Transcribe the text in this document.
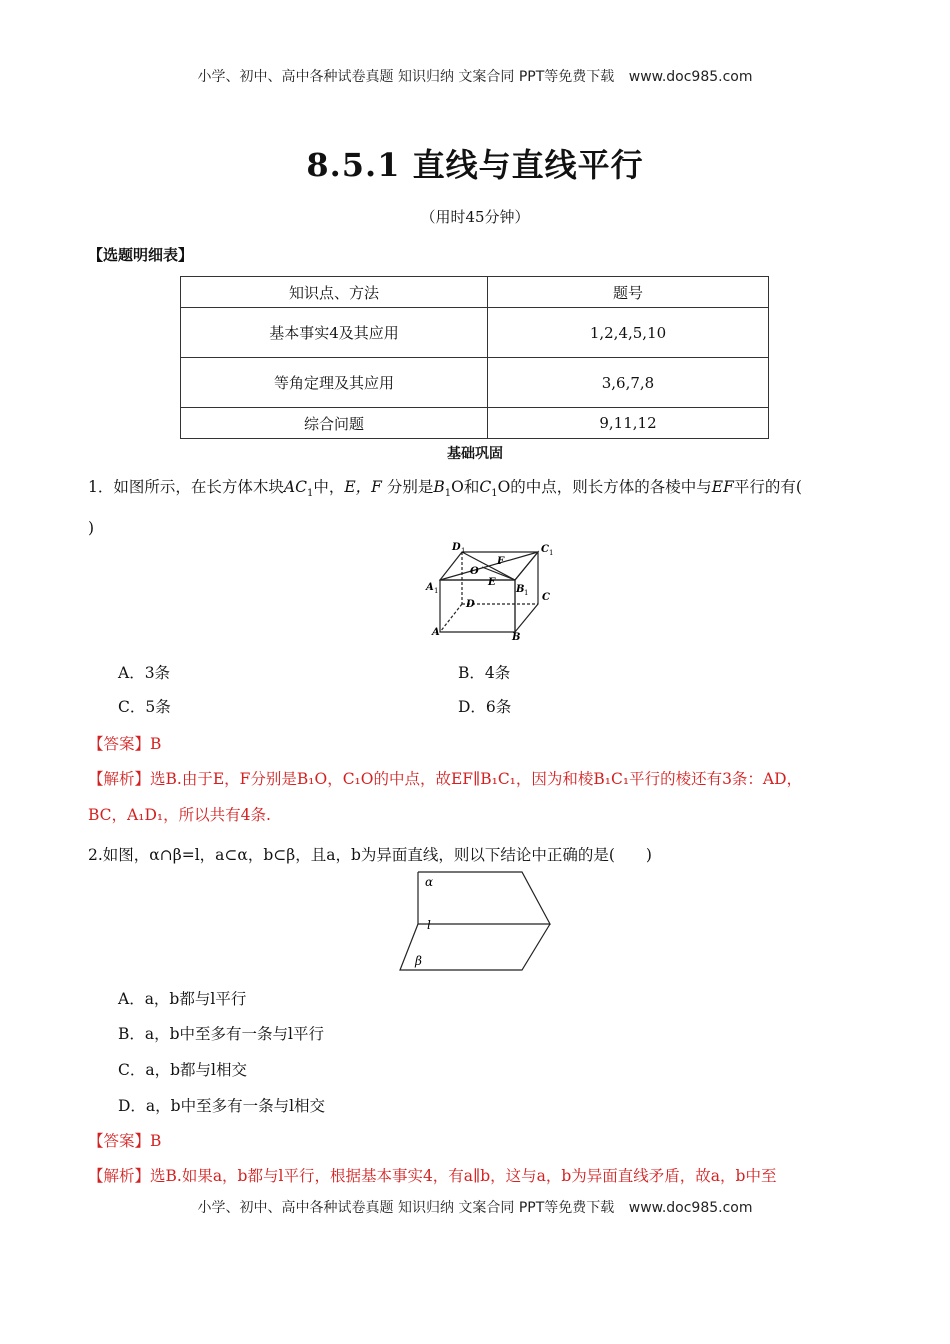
小学、初中、高中各种试卷真题 知识归纳 文案合同 PPT等免费下载 www.doc985.com
8.5.1 直线与直线平行
（用时45分钟）
【选题明细表】
知识点、方法	题号
基本事实4及其应用	1,2,4,5,10
等角定理及其应用	3,6,7,8
综合问题	9,11,12
基础巩固
1．如图所示，在长方体木块$AC_1$中，E，F 分别是$B_1O$和$C_1O$的中点，则长方体的各棱中与EF平行的有(
)
D 1	C 1
A 1	B 1
O
F
E
D
C
A	B
A．3条	B．4条
C．5条	D．6条
【答案】B
【解析】选B.由于E，F分别是B₁O，C₁O的中点，故EF∥B₁C₁，因为和棱B₁C₁平行的棱还有3条：AD，
BC，A₁D₁，所以共有4条.
2.如图，α∩β=l，a⊂α，b⊂β，且a，b为异面直线，则以下结论中正确的是(　　)
α
l
β
A．a，b都与l平行
B．a，b中至多有一条与l平行
C．a，b都与l相交
D．a，b中至多有一条与l相交
【答案】B
【解析】选B.如果a，b都与l平行，根据基本事实4，有a∥b，这与a，b为异面直线矛盾，故a，b中至
小学、初中、高中各种试卷真题 知识归纳 文案合同 PPT等免费下载 www.doc985.com
